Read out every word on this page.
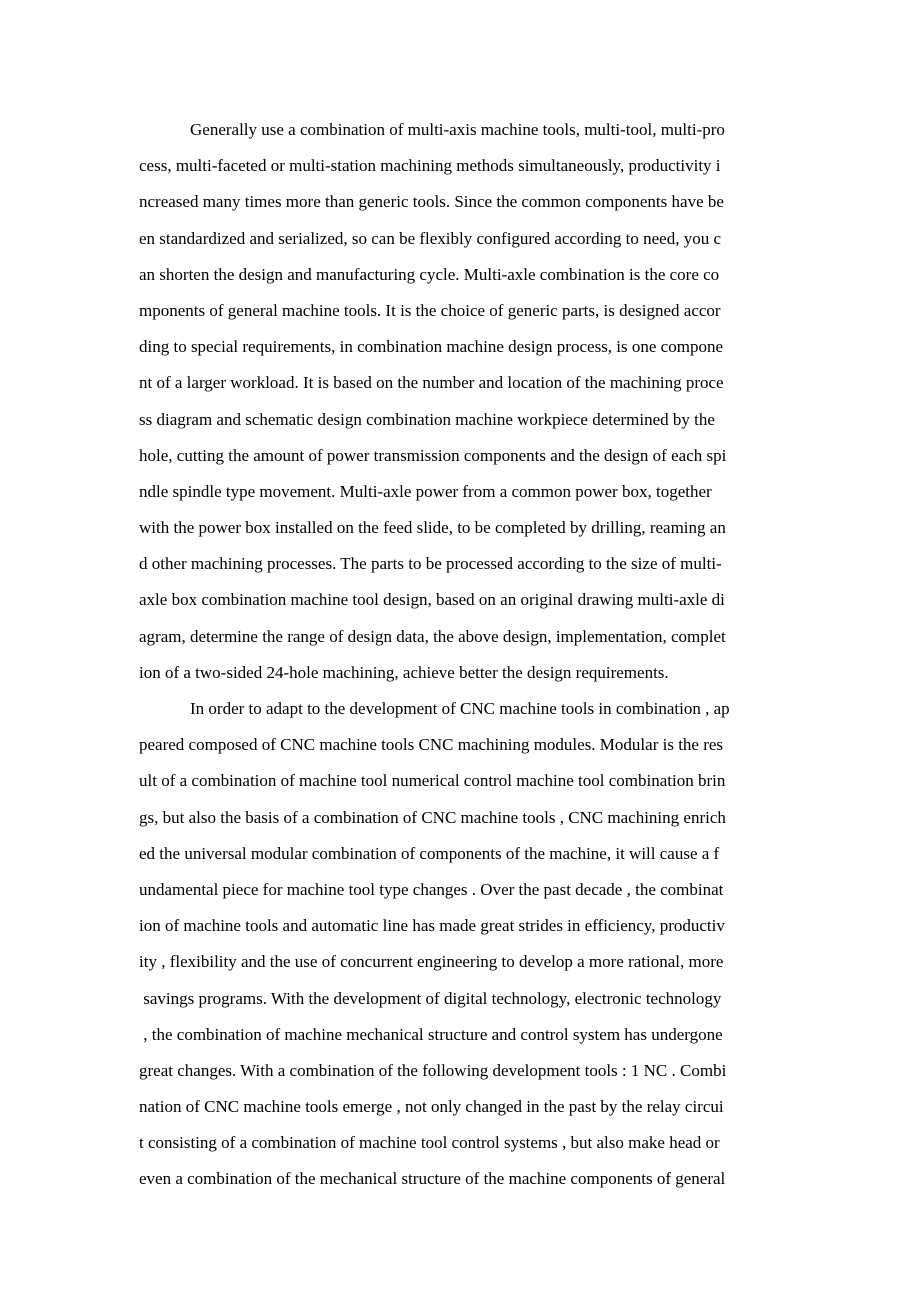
Generally use a combination of multi-axis machine tools, multi-tool, multi-pro
cess, multi-faceted or multi-station machining methods simultaneously, productivity i
ncreased many times more than generic tools. Since the common components have be
en standardized and serialized, so can be flexibly configured according to need, you c
an shorten the design and manufacturing cycle. Multi-axle combination is the core co
mponents of general machine tools. It is the choice of generic parts, is designed accor
ding to special requirements, in combination machine design process, is one compone
nt of a larger workload. It is based on the number and location of the machining proce
ss diagram and schematic design combination machine workpiece determined by the
hole, cutting the amount of power transmission components and the design of each spi
ndle spindle type movement. Multi-axle power from a common power box, together
with the power box installed on the feed slide, to be completed by drilling, reaming an
d other machining processes. The parts to be processed according to the size of multi-
axle box combination machine tool design, based on an original drawing multi-axle di
agram, determine the range of design data, the above design, implementation, complet
ion of a two-sided 24-hole machining, achieve better the design requirements.
In order to adapt to the development of CNC machine tools in combination , ap
peared composed of CNC machine tools CNC machining modules. Modular is the res
ult of a combination of machine tool numerical control machine tool combination brin
gs, but also the basis of a combination of CNC machine tools , CNC machining enrich
ed the universal modular combination of components of the machine, it will cause a f
undamental piece for machine tool type changes . Over the past decade , the combinat
ion of machine tools and automatic line has made great strides in efficiency, productiv
ity , flexibility and the use of concurrent engineering to develop a more rational, more
savings programs. With the development of digital technology, electronic technology
, the combination of machine mechanical structure and control system has undergone
great changes. With a combination of the following development tools : 1 NC . Combi
nation of CNC machine tools emerge , not only changed in the past by the relay circui
t consisting of a combination of machine tool control systems , but also make head or
even a combination of the mechanical structure of the machine components of general
